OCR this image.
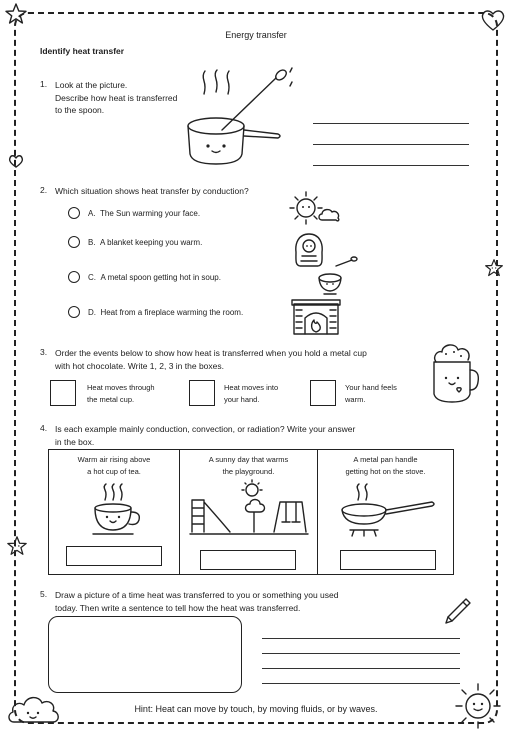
Energy transfer
Identify heat transfer
1. Look at the picture.
Describe how heat is transferred
to the spoon.
2. Which situation shows heat transfer by conduction?
A. The Sun warming your face.
B. A blanket keeping you warm.
C. A metal spoon getting hot in soup.
D. Heat from a fireplace warming the room.
3. Order the events below to show how heat is transferred when you hold a metal cup
with hot chocolate. Write 1, 2, 3 in the boxes.
Heat moves through
the metal cup.
Heat moves into
your hand.
Your hand feels
warm.
4. Is each example mainly conduction, convection, or radiation? Write your answer
in the box.
Warm air rising above
a hot cup of tea.
A sunny day that warms
the playground.
A metal pan handle
getting hot on the stove.
5. Draw a picture of a time heat was transferred to you or something you used
today. Then write a sentence to tell how the heat was transferred.
Hint: Heat can move by touch, by moving fluids, or by waves.
